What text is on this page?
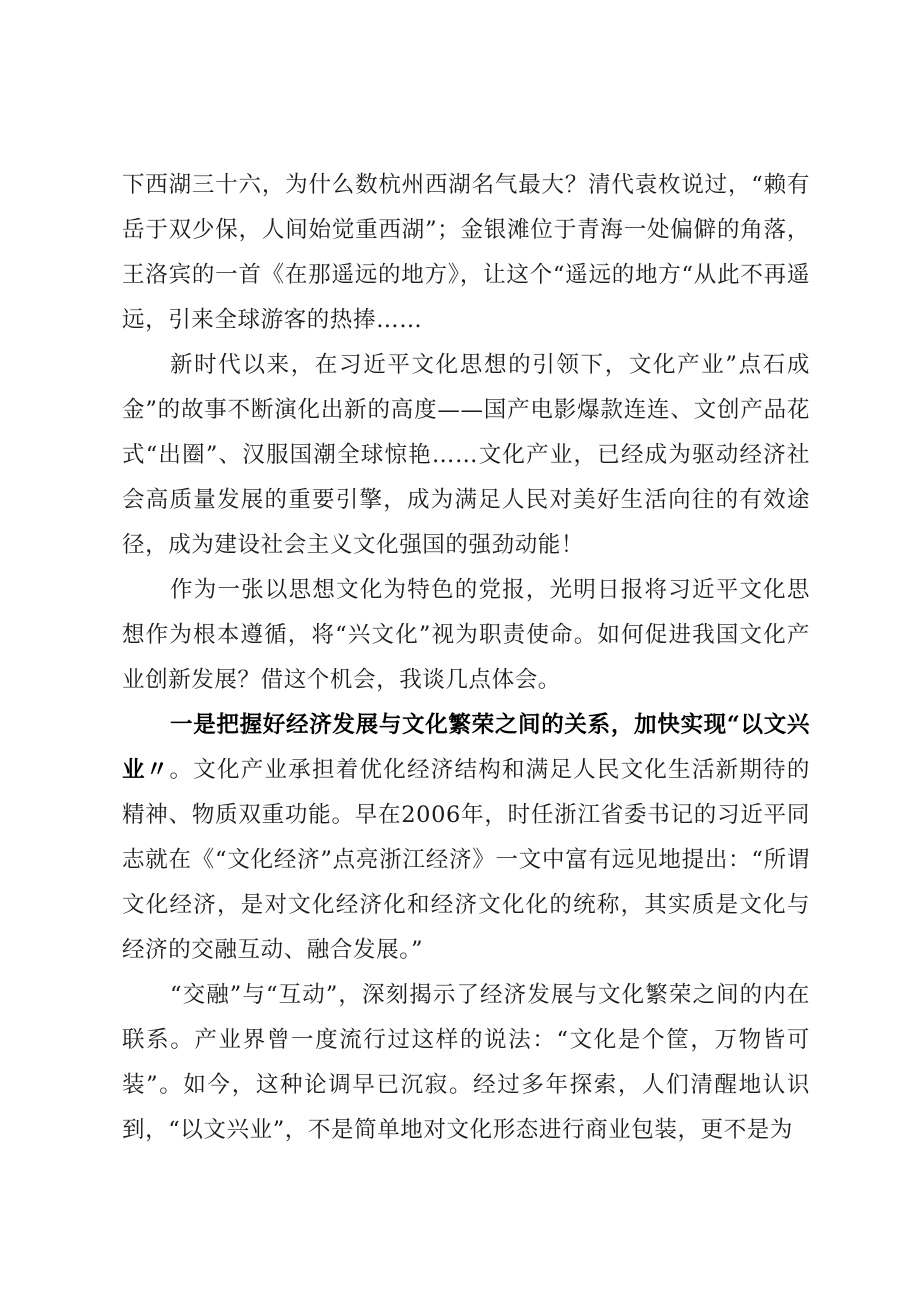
下西湖三十六，为什么数杭州西湖名气最大？清代袁枚说过，“赖有岳于双少保，人间始觉重西湖”；金银滩位于青海一处偏僻的角落，王洛宾的一首《在那遥远的地方》，让这个“遥远的地方“从此不再遥远，引来全球游客的热捧……

新时代以来，在习近平文化思想的引领下，文化产业”点石成金”的故事不断演化出新的高度——国产电影爆款连连、文创产品花式“出圈”、汉服国潮全球惊艳……文化产业，已经成为驱动经济社会高质量发展的重要引擎，成为满足人民对美好生活向往的有效途径，成为建设社会主义文化强国的强劲动能！

作为一张以思想文化为特色的党报，光明日报将习近平文化思想作为根本遵循，将“兴文化”视为职责使命。如何促进我国文化产业创新发展？借这个机会，我谈几点体会。

一是把握好经济发展与文化繁荣之间的关系，加快实现“以文兴业〃。文化产业承担着优化经济结构和满足人民文化生活新期待的精神、物质双重功能。早在2006年，时任浙江省委书记的习近平同志就在《“文化经济”点亮浙江经济》一文中富有远见地提出：“所谓文化经济，是对文化经济化和经济文化化的统称，其实质是文化与经济的交融互动、融合发展。”

“交融”与“互动”，深刻揭示了经济发展与文化繁荣之间的内在联系。产业界曾一度流行过这样的说法：“文化是个筐，万物皆可装”。如今，这种论调早已沉寂。经过多年探索，人们清醒地认识到，“以文兴业”，不是简单地对文化形态进行商业包装，更不是为
